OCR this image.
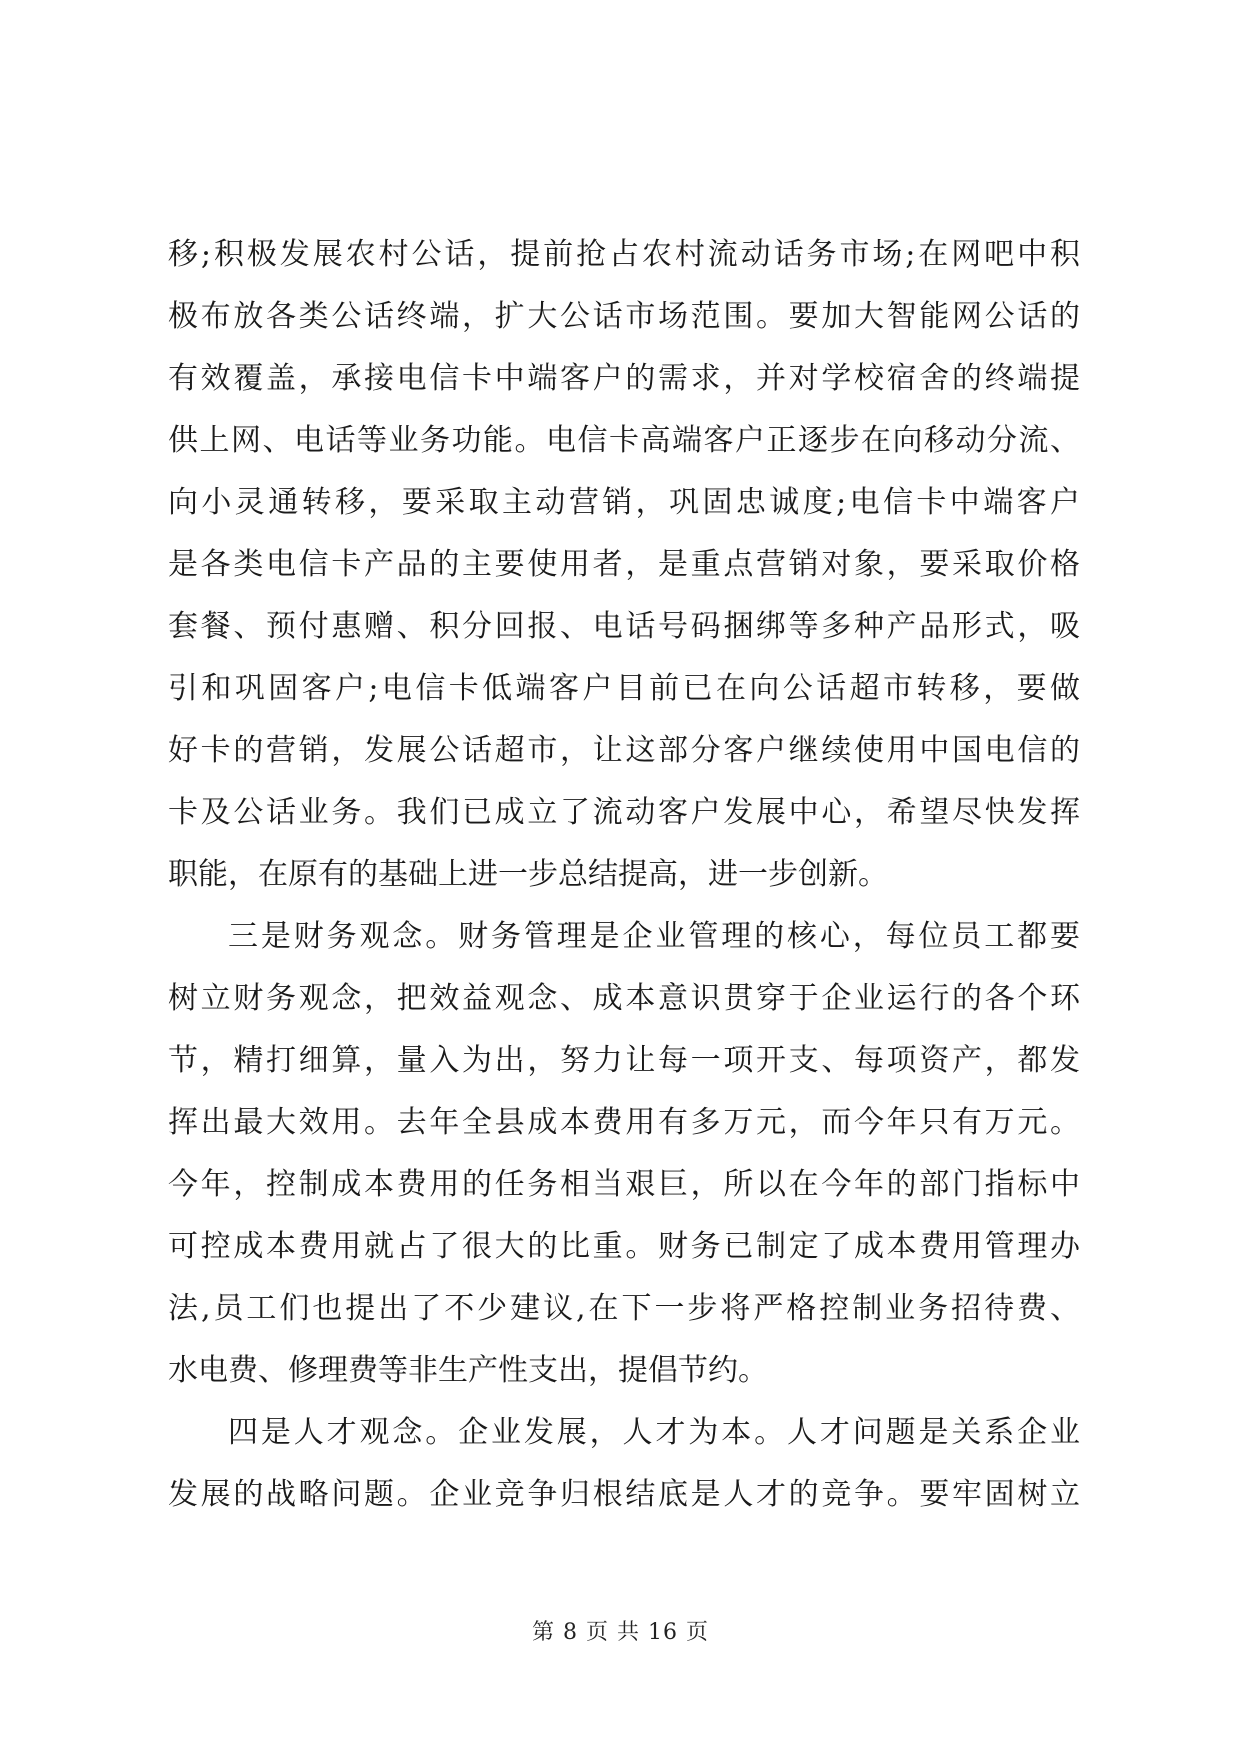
移;积极发展农村公话，提前抢占农村流动话务市场;在网吧中积
极布放各类公话终端，扩大公话市场范围。要加大智能网公话的
有效覆盖，承接电信卡中端客户的需求，并对学校宿舍的终端提
供上网、电话等业务功能。电信卡高端客户正逐步在向移动分流、
向小灵通转移，要采取主动营销，巩固忠诚度;电信卡中端客户
是各类电信卡产品的主要使用者，是重点营销对象，要采取价格
套餐、预付惠赠、积分回报、电话号码捆绑等多种产品形式，吸
引和巩固客户;电信卡低端客户目前已在向公话超市转移，要做
好卡的营销，发展公话超市，让这部分客户继续使用中国电信的
卡及公话业务。我们已成立了流动客户发展中心，希望尽快发挥
职能，在原有的基础上进一步总结提高，进一步创新。
三是财务观念。财务管理是企业管理的核心，每位员工都要
树立财务观念，把效益观念、成本意识贯穿于企业运行的各个环
节，精打细算，量入为出，努力让每一项开支、每项资产，都发
挥出最大效用。去年全县成本费用有多万元，而今年只有万元。
今年，控制成本费用的任务相当艰巨，所以在今年的部门指标中
可控成本费用就占了很大的比重。财务已制定了成本费用管理办
法,员工们也提出了不少建议,在下一步将严格控制业务招待费、
水电费、修理费等非生产性支出，提倡节约。
四是人才观念。企业发展，人才为本。人才问题是关系企业
发展的战略问题。企业竞争归根结底是人才的竞争。要牢固树立
第 8 页 共 16 页
